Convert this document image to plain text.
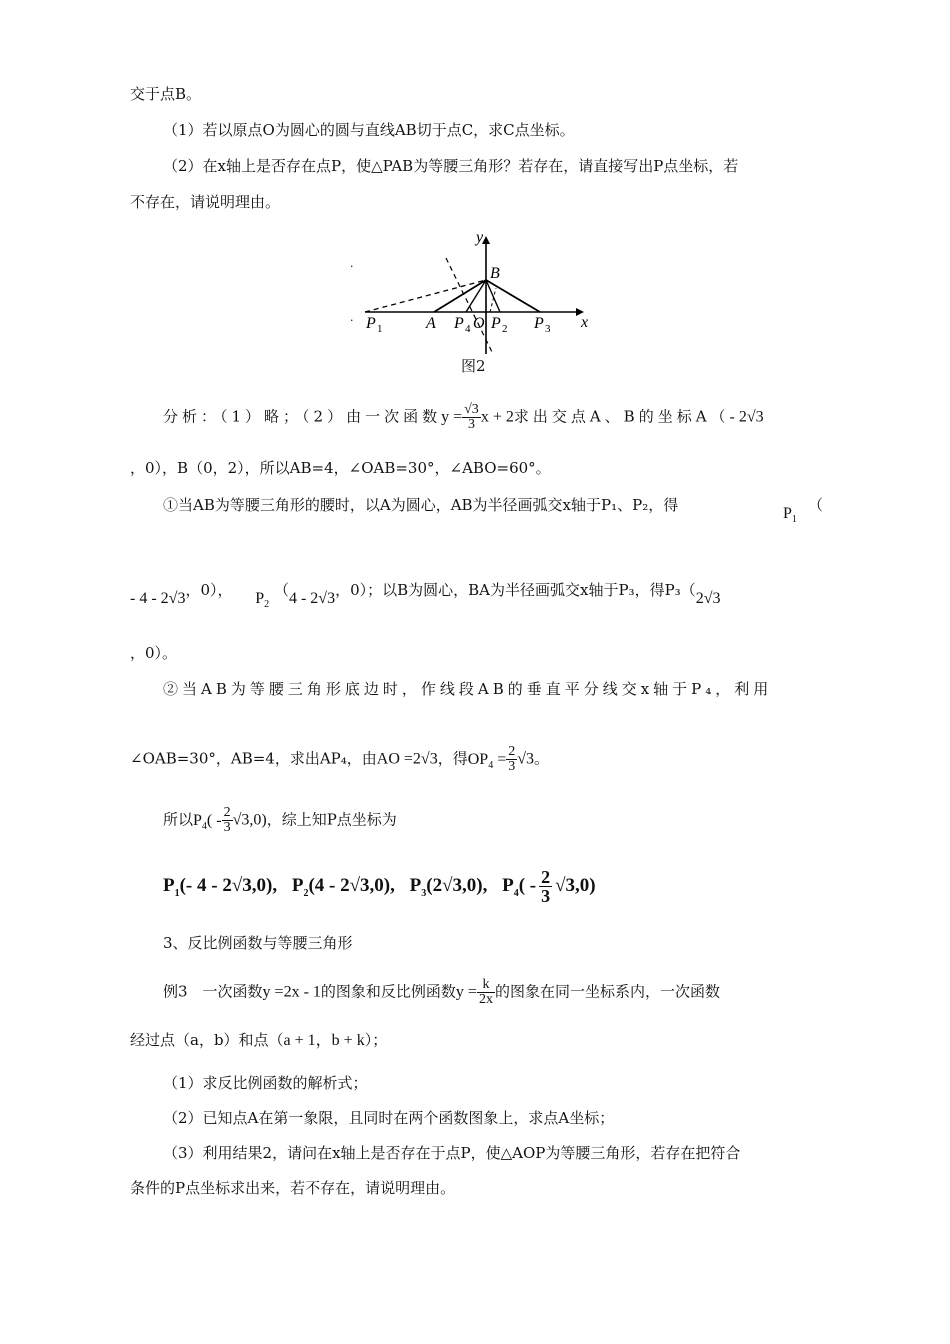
交于点B。
（1）若以原点O为圆心的圆与直线AB切于点C，求C点坐标。
（2）在x轴上是否存在点P，使△PAB为等腰三角形？若存在，请直接写出P点坐标，若
不存在，请说明理由。
·
·
y
x
B
P 1	A P 4 O P 2 P 3
图2
分析：（1）略；（2）由一次函数$y = \frac{√3}{3}$ x + 2求出交点A、B的坐标A（- 2√3
，0），B（0，2），所以AB=4，∠OAB=30°，∠ABO=60°。
①当AB为等腰三角形的腰时，以A为圆心，AB为半径画弧交x轴于P₁、P₂，得	$P_1$
（
- 4 - 2√3，0）， $P_2$ （4 - 2√3，0）；以B为圆心，BA为半径画弧交x轴于P₃，得P₃（2√3
，0）。
②当AB为等腰三角形底边时，作线段AB的垂直平分线交x轴于P₄，利用
∠OAB=30°，AB=4，求出AP₄，由AO =2√3，得$OP_4 = \frac{2}{3} √3$。
所以$P_4( - \frac{2}{3} √3,0)$，综上知P点坐标为
$P_1(-$ 4 - 2√3,0), $P_2(4 - 2√3,0)$, $P_3(2√3,0)$, $P_4( - \frac{2}{3} √3,0)$
3、反比例函数与等腰三角形
例3　一次函数y =2x - 1的图象和反比例函数$y = \frac{k}{2x}$ 的图象在同一坐标系内，一次函数
经过点（a，b）和点（a + 1，b + k）；
（1）求反比例函数的解析式；
（2）已知点A在第一象限，且同时在两个函数图象上，求点A坐标；
（3）利用结果2，请问在x轴上是否存在于点P，使△AOP为等腰三角形，若存在把符合
条件的P点坐标求出来，若不存在，请说明理由。
